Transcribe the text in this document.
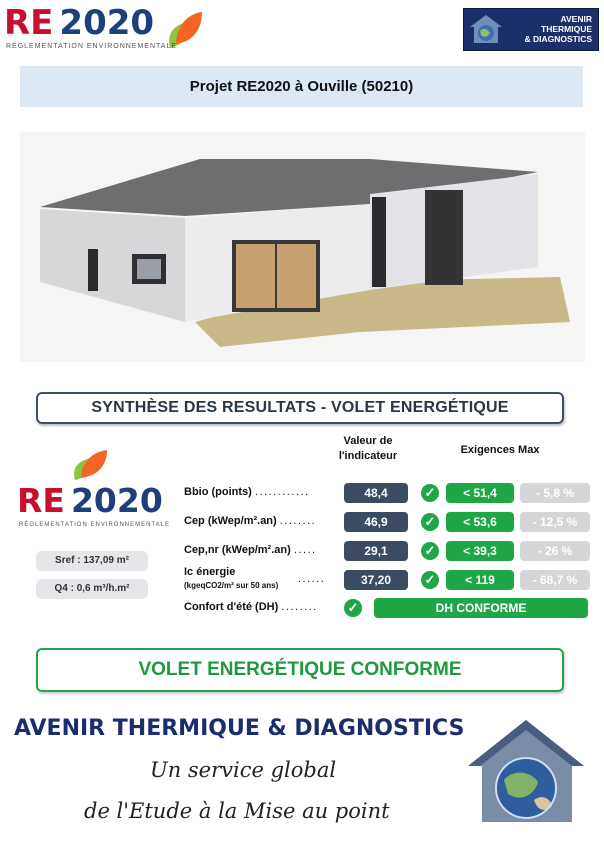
RE 2020
RÉGLEMENTATION ENVIRONNEMENTALE
AVENIR
THERMIQUE
& DIAGNOSTICS
Projet RE2020 à Ouville (50210)
SYNTHÈSE DES RESULTATS - VOLET ENERGÉTIQUE
RE 2020
RÉGLEMENTATION ENVIRONNEMENTALE
Sref : 137,09 m²
Q4 : 0,6 m³/h.m²
Valeur de
l'indicateur	Exigences Max
Bbio (points) ............	48,4	✓	< 51,4	- 5,8 %
Cep (kWep/m².an) ........	46,9	✓	< 53,6	- 12,5 %
Cep,nr (kWep/m².an) .....	29,1	✓	< 39,3	- 26 %
Ic énergie
(kgeqCO2/m² sur 50 ans)
......	37,20	✓	< 119	- 68,7 %
Confort d'été (DH) ........ ✓	DH CONFORME
VOLET ENERGÉTIQUE CONFORME
AVENIR THERMIQUE & DIAGNOSTICS
Un service global
de l'Etude à la Mise au point
